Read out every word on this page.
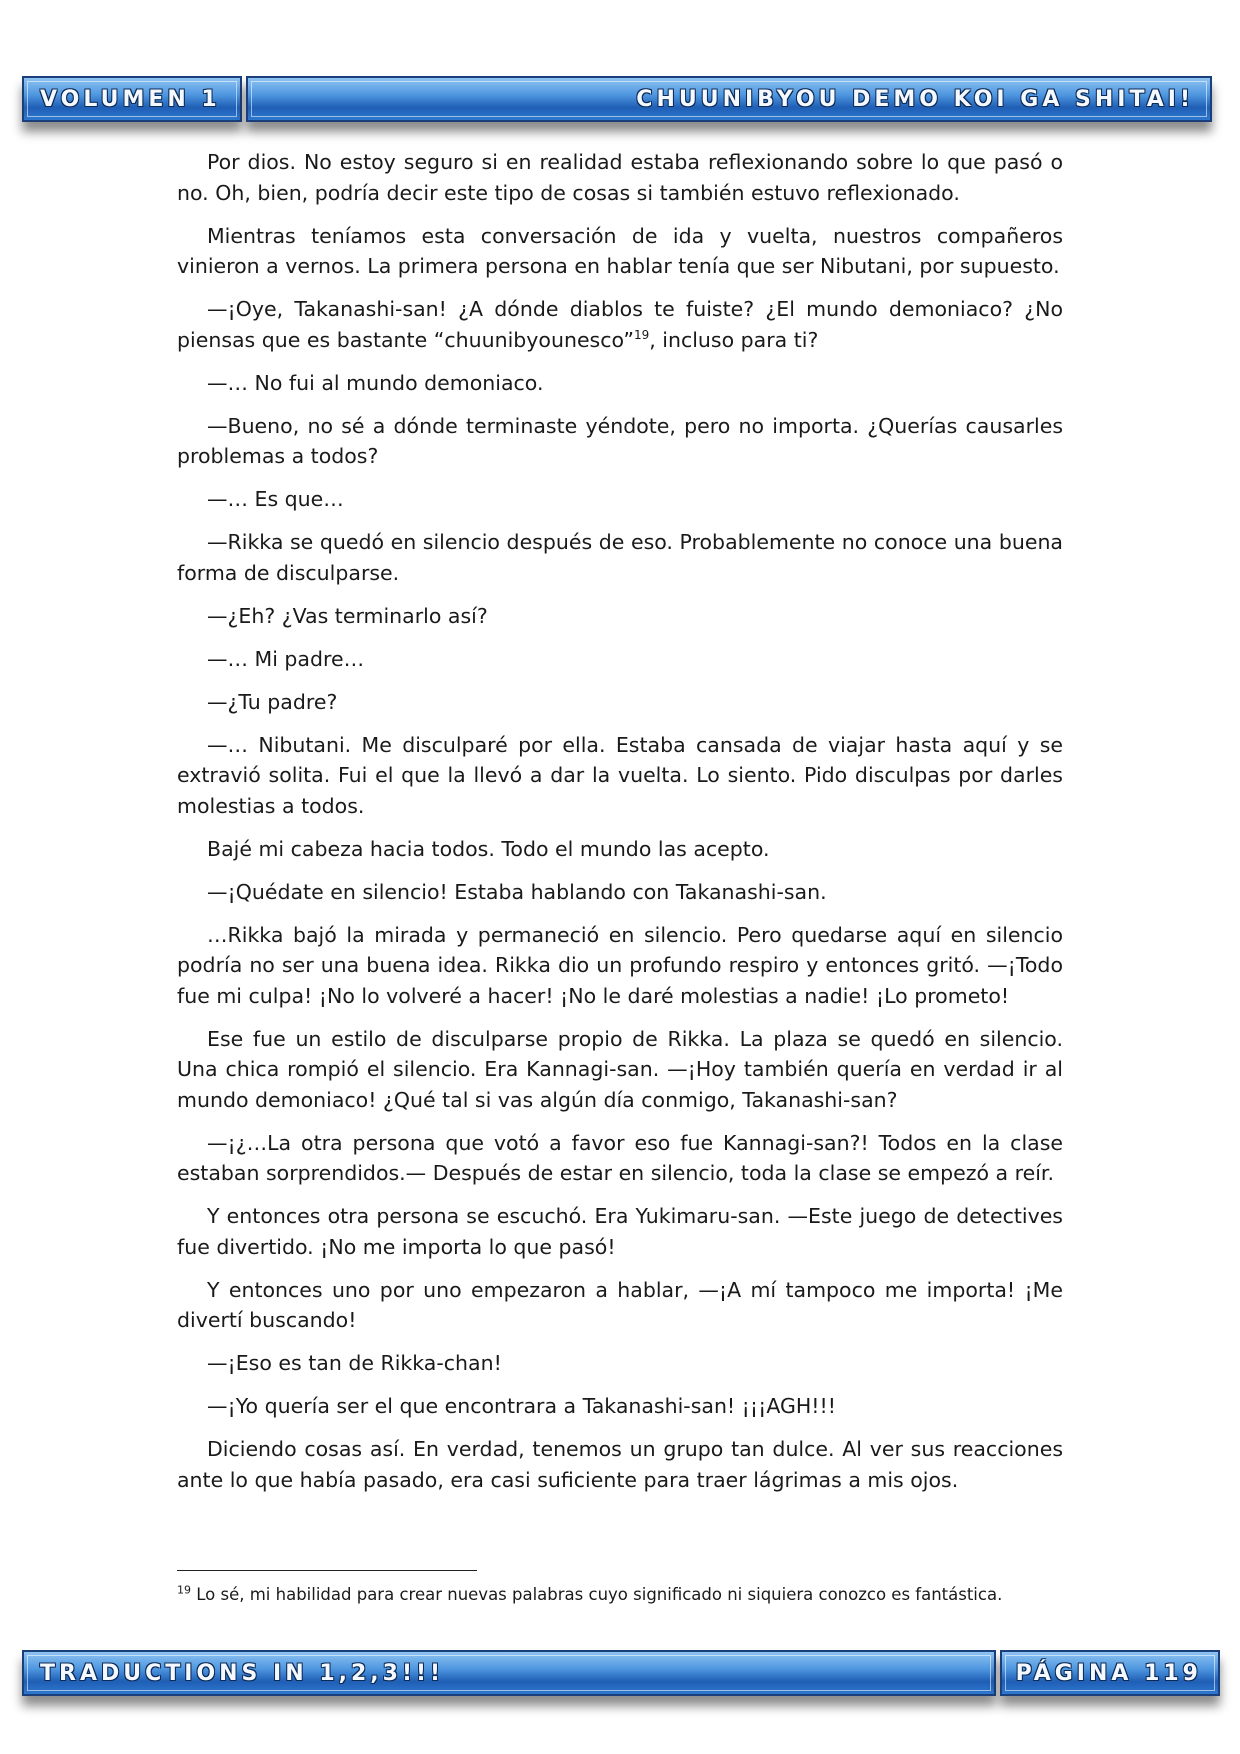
VOLUMEN 1	CHUUNIBYOU DEMO KOI GA SHITAI!

Por dios. No estoy seguro si en realidad estaba reflexionando sobre lo que pasó o no. Oh, bien, podría decir este tipo de cosas si también estuvo reflexionado.

Mientras teníamos esta conversación de ida y vuelta, nuestros compañeros vinieron a vernos. La primera persona en hablar tenía que ser Nibutani, por supuesto.

—¡Oye, Takanashi-san! ¿A dónde diablos te fuiste? ¿El mundo demoniaco? ¿No piensas que es bastante “chuunibyounesco”$^{19}$, incluso para ti?

—… No fui al mundo demoniaco.

—Bueno, no sé a dónde terminaste yéndote, pero no importa. ¿Querías causarles problemas a todos?

—… Es que…

—Rikka se quedó en silencio después de eso. Probablemente no conoce una buena forma de disculparse.

—¿Eh? ¿Vas terminarlo así?

—… Mi padre…

—¿Tu padre?

—… Nibutani. Me disculparé por ella. Estaba cansada de viajar hasta aquí y se extravió solita. Fui el que la llevó a dar la vuelta. Lo siento. Pido disculpas por darles molestias a todos.

Bajé mi cabeza hacia todos. Todo el mundo las acepto.

—¡Quédate en silencio! Estaba hablando con Takanashi-san.

…Rikka bajó la mirada y permaneció en silencio. Pero quedarse aquí en silencio podría no ser una buena idea. Rikka dio un profundo respiro y entonces gritó. —¡Todo fue mi culpa! ¡No lo volveré a hacer! ¡No le daré molestias a nadie! ¡Lo prometo!

Ese fue un estilo de disculparse propio de Rikka. La plaza se quedó en silencio. Una chica rompió el silencio. Era Kannagi-san. —¡Hoy también quería en verdad ir al mundo demoniaco! ¿Qué tal si vas algún día conmigo, Takanashi-san?

—¡¿…La otra persona que votó a favor eso fue Kannagi-san?! Todos en la clase estaban sorprendidos.— Después de estar en silencio, toda la clase se empezó a reír.

Y entonces otra persona se escuchó. Era Yukimaru-san. —Este juego de detectives fue divertido. ¡No me importa lo que pasó!

Y entonces uno por uno empezaron a hablar, —¡A mí tampoco me importa! ¡Me divertí buscando!

—¡Eso es tan de Rikka-chan!

—¡Yo quería ser el que encontrara a Takanashi-san! ¡¡¡AGH!!!

Diciendo cosas así. En verdad, tenemos un grupo tan dulce. Al ver sus reacciones ante lo que había pasado, era casi suficiente para traer lágrimas a mis ojos.

$^{19}$ Lo sé, mi habilidad para crear nuevas palabras cuyo significado ni siquiera conozco es fantástica.
TRADUCTIONS IN 1,2,3!!!	PÁGINA 119
